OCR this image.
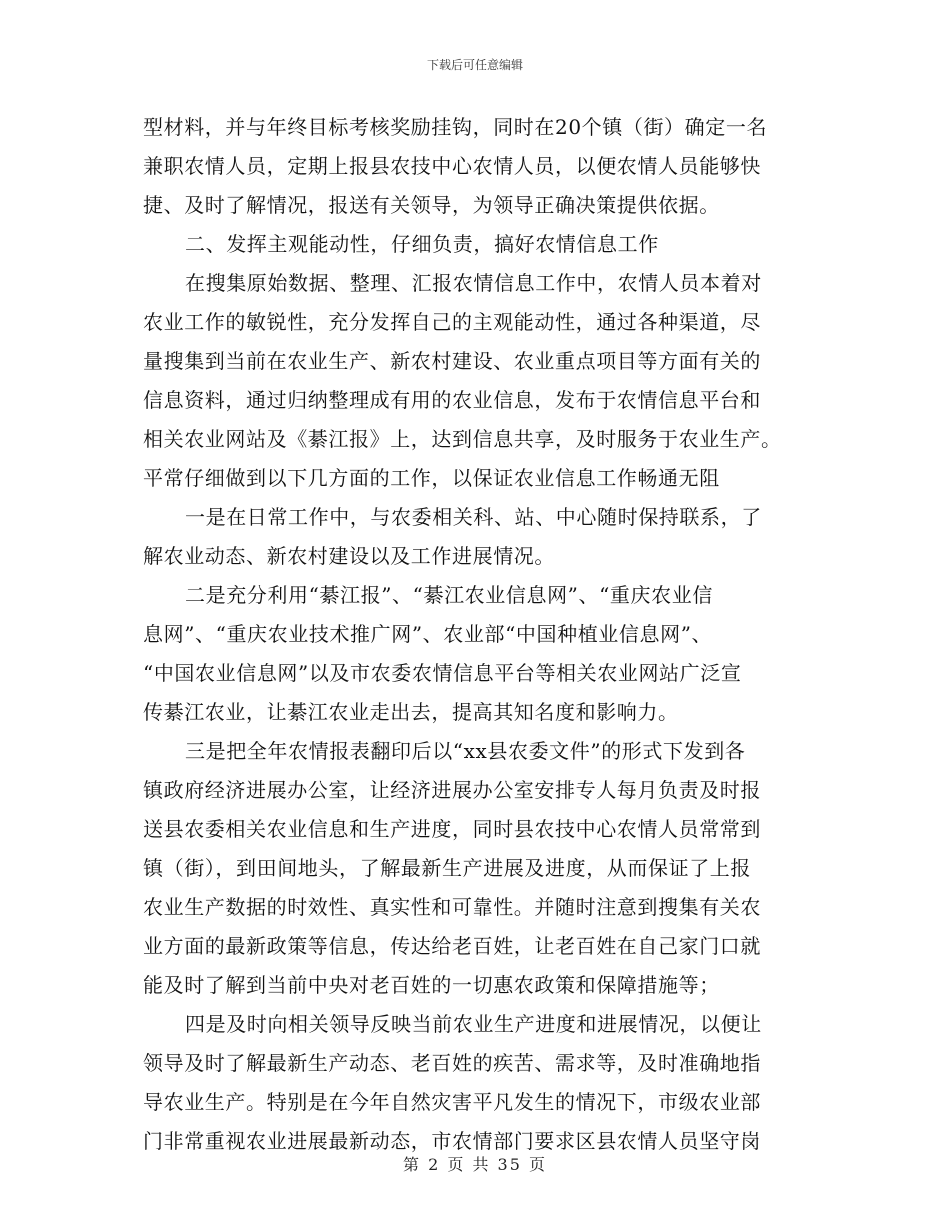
下载后可任意编辑
型材料，并与年终目标考核奖励挂钩，同时在20个镇（街）确定一名
兼职农情人员，定期上报县农技中心农情人员，以便农情人员能够快
捷、及时了解情况，报送有关领导，为领导正确决策提供依据。
二、发挥主观能动性，仔细负责，搞好农情信息工作
在搜集原始数据、整理、汇报农情信息工作中，农情人员本着对
农业工作的敏锐性，充分发挥自己的主观能动性，通过各种渠道，尽
量搜集到当前在农业生产、新农村建设、农业重点项目等方面有关的
信息资料，通过归纳整理成有用的农业信息，发布于农情信息平台和
相关农业网站及《綦江报》上，达到信息共享，及时服务于农业生产。
平常仔细做到以下几方面的工作，以保证农业信息工作畅通无阻
一是在日常工作中，与农委相关科、站、中心随时保持联系，了
解农业动态、新农村建设以及工作进展情况。
二是充分利用“綦江报”、“綦江农业信息网”、“重庆农业信
息网”、“重庆农业技术推广网”、农业部“中国种植业信息网”、
“中国农业信息网”以及市农委农情信息平台等相关农业网站广泛宣
传綦江农业，让綦江农业走出去，提高其知名度和影响力。
三是把全年农情报表翻印后以“xx县农委文件”的形式下发到各
镇政府经济进展办公室，让经济进展办公室安排专人每月负责及时报
送县农委相关农业信息和生产进度，同时县农技中心农情人员常常到
镇（街），到田间地头，了解最新生产进展及进度，从而保证了上报
农业生产数据的时效性、真实性和可靠性。并随时注意到搜集有关农
业方面的最新政策等信息，传达给老百姓，让老百姓在自己家门口就
能及时了解到当前中央对老百姓的一切惠农政策和保障措施等；
四是及时向相关领导反映当前农业生产进度和进展情况，以便让
领导及时了解最新生产动态、老百姓的疾苦、需求等，及时准确地指
导农业生产。特别是在今年自然灾害平凡发生的情况下，市级农业部
门非常重视农业进展最新动态，市农情部门要求区县农情人员坚守岗
第 2 页 共 35 页
